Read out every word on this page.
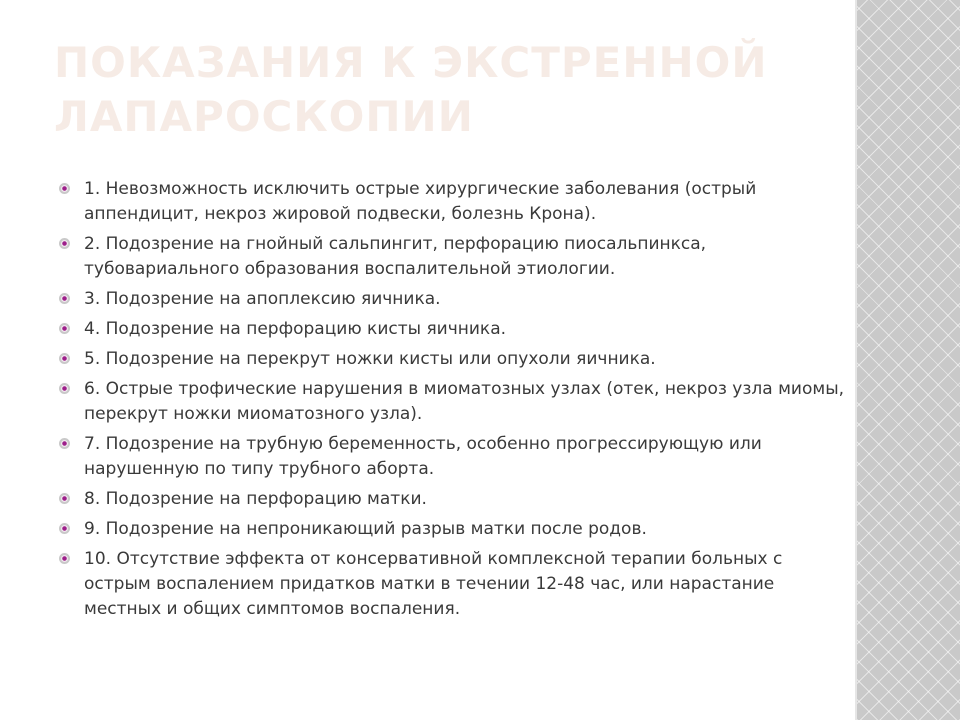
ПОКАЗАНИЯ К ЭКСТРЕННОЙ ЛАПАРОСКОПИИ
1. Невозможность исключить острые хирургические заболевания (острый аппендицит, некроз жировой подвески, болезнь Крона).
2. Подозрение на гнойный сальпингит, перфорацию пиосальпинкса, тубовариального образования воспалительной этиологии.
3. Подозрение на апоплексию яичника.
4. Подозрение на перфорацию кисты яичника.
5. Подозрение на перекрут ножки кисты или опухоли яичника.
6. Острые трофические нарушения в миоматозных узлах (отек, некроз узла миомы, перекрут ножки миоматозного узла).
7. Подозрение на трубную беременность, особенно прогрессирующую или нарушенную по типу трубного аборта.
8. Подозрение на перфорацию матки.
9. Подозрение на непроникающий разрыв матки после родов.
10. Отсутствие эффекта от консервативной комплексной терапии больных с острым воспалением придатков матки в течении 12-48 час, или нарастание местных и общих симптомов воспаления.
